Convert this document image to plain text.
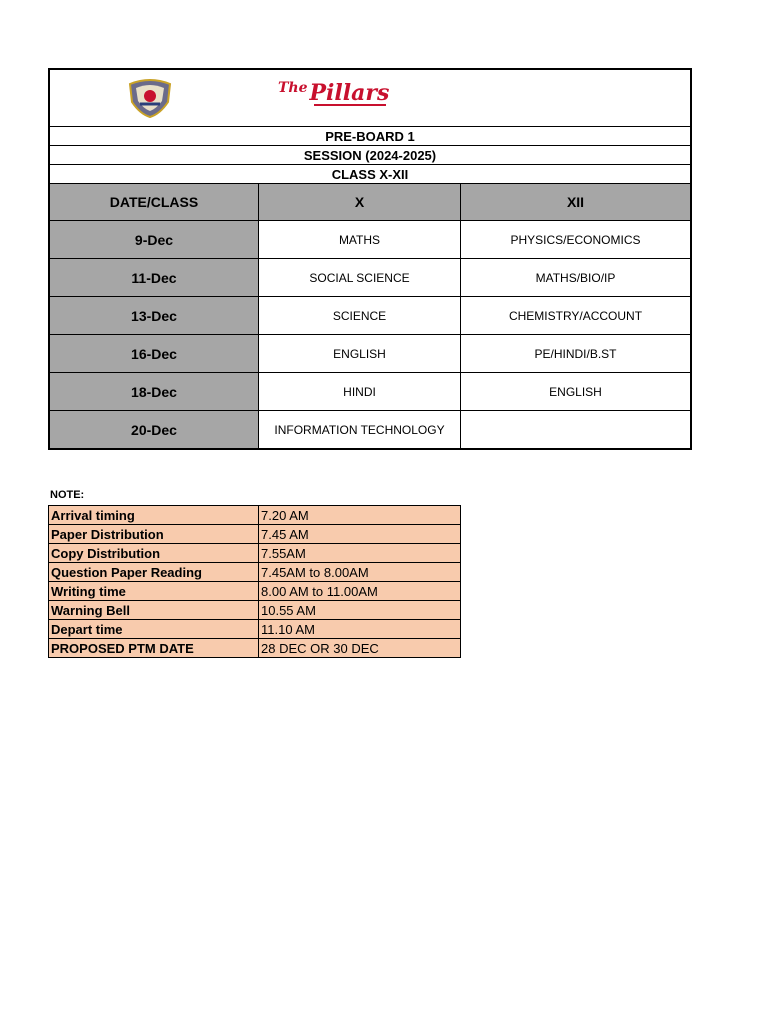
$^{The}$Pillars		

PRE-BOARD 1		
SESSION (2024-2025)		
CLASS X-XII		
DATE/CLASS	X	XII
9-Dec	MATHS	PHYSICS/ECONOMICS
11-Dec	SOCIAL SCIENCE	MATHS/BIO/IP
13-Dec	SCIENCE	CHEMISTRY/ACCOUNT
16-Dec	ENGLISH	PE/HINDI/B.ST
18-Dec	HINDI	ENGLISH
20-Dec	INFORMATION TECHNOLOGY	
NOTE:
Arrival timing	7.20 AM
Paper Distribution	7.45 AM
Copy Distribution	7.55AM
Question Paper Reading	7.45AM to 8.00AM
Writing time	8.00 AM to 11.00AM
Warning Bell	10.55 AM
Depart time	11.10 AM
PROPOSED PTM DATE	28 DEC OR 30 DEC
